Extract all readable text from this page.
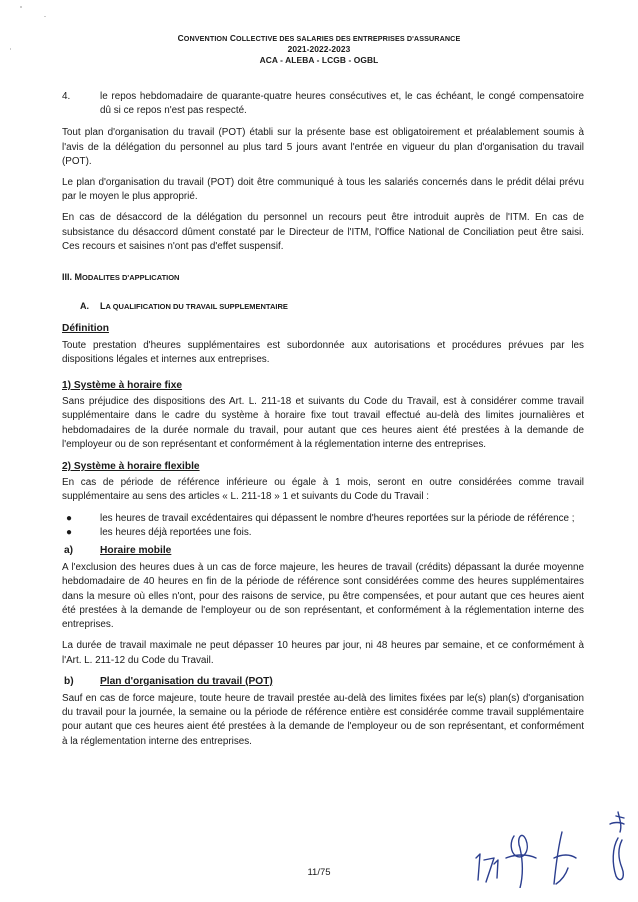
CONVENTION COLLECTIVE DES SALARIES DES ENTREPRISES D'ASSURANCE
2021-2022-2023
ACA - ALEBA - LCGB - OGBL
4.	le repos hebdomadaire de quarante-quatre heures consécutives et, le cas échéant, le congé compensatoire dû si ce repos n'est pas respecté.

Tout plan d'organisation du travail (POT) établi sur la présente base est obligatoirement et préalablement soumis à l'avis de la délégation du personnel au plus tard 5 jours avant l'entrée en vigueur du plan d'organisation du travail (POT).

Le plan d'organisation du travail (POT) doit être communiqué à tous les salariés concernés dans le prédit délai prévu par le moyen le plus approprié.

En cas de désaccord de la délégation du personnel un recours peut être introduit auprès de l'ITM. En cas de subsistance du désaccord dûment constaté par le Directeur de l'ITM, l'Office National de Conciliation peut être saisi. Ces recours et saisines n'ont pas d'effet suspensif.

III. MODALITES D'APPLICATION
A.	LA QUALIFICATION DU TRAVAIL SUPPLEMENTAIRE
Définition

Toute prestation d'heures supplémentaires est subordonnée aux autorisations et procédures prévues par les dispositions légales et internes aux entreprises.

1) Système à horaire fixe

Sans préjudice des dispositions des Art. L. 211-18 et suivants du Code du Travail, est à considérer comme travail supplémentaire dans le cadre du système à horaire fixe tout travail effectué au-delà des limites journalières et hebdomadaires de la durée normale du travail, pour autant que ces heures aient été prestées à la demande de l'employeur ou de son représentant et conformément à la réglementation interne des entreprises.

2) Système à horaire flexible

En cas de période de référence inférieure ou égale à 1 mois, seront en outre considérées comme travail supplémentaire au sens des articles « L. 211-18 » 1 et suivants du Code du Travail :

●	les heures de travail excédentaires qui dépassent le nombre d'heures reportées sur la période de référence ;
●	les heures déjà reportées une fois.
a)	Horaire mobile

A l'exclusion des heures dues à un cas de force majeure, les heures de travail (crédits) dépassant la durée moyenne hebdomadaire de 40 heures en fin de la période de référence sont considérées comme des heures supplémentaires dans la mesure où elles n'ont, pour des raisons de service, pu être compensées, et pour autant que ces heures aient été prestées à la demande de l'employeur ou de son représentant, et conformément à la réglementation interne des entreprises.

La durée de travail maximale ne peut dépasser 10 heures par jour, ni 48 heures par semaine, et ce conformément à l'Art. L. 211-12 du Code du Travail.

b)	Plan d'organisation du travail (POT)

Sauf en cas de force majeure, toute heure de travail prestée au-delà des limites fixées par le(s) plan(s) d'organisation du travail pour la journée, la semaine ou la période de référence entière est considérée comme travail supplémentaire pour autant que ces heures aient été prestées à la demande de l'employeur ou de son représentant, et conformément à la réglementation interne des entreprises.

11/75
